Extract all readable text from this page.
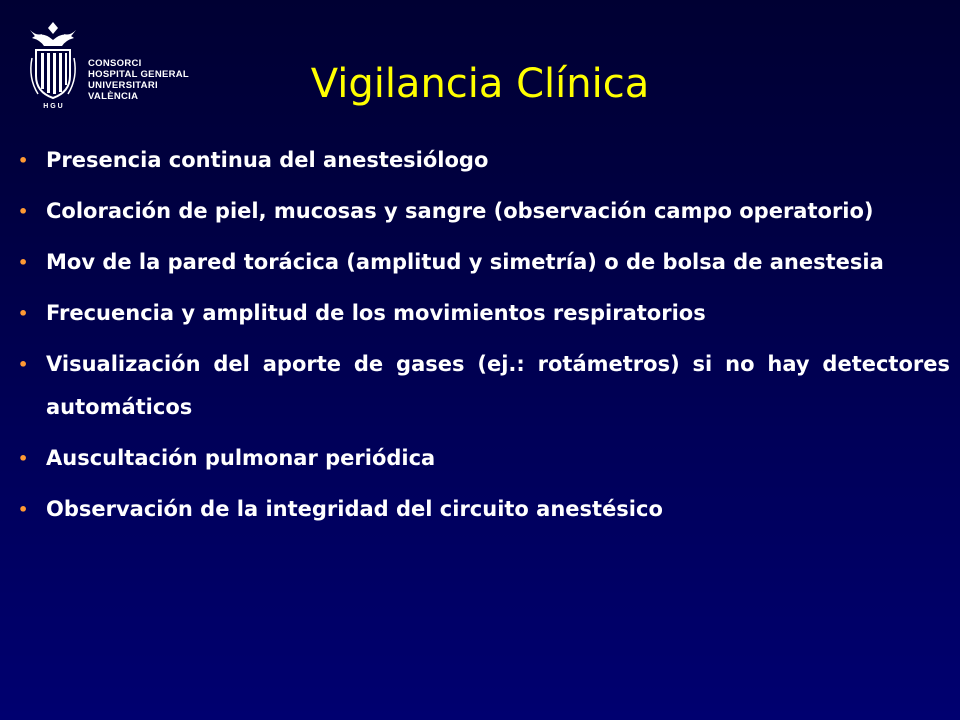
H G U
CONSORCI
HOSPITAL GENERAL
UNIVERSITARI
VALÈNCIA	Vigilancia Clínica
• Presencia continua del anestesiólogo
• Coloración de piel, mucosas y sangre (observación campo operatorio)
• Mov de la pared torácica (amplitud y simetría) o de bolsa de anestesia
• Frecuencia y amplitud de los movimientos respiratorios
• Visualización del aporte de gases (ej.: rotámetros) si no hay detectores automáticos
• Auscultación pulmonar periódica
• Observación de la integridad del circuito anestésico
